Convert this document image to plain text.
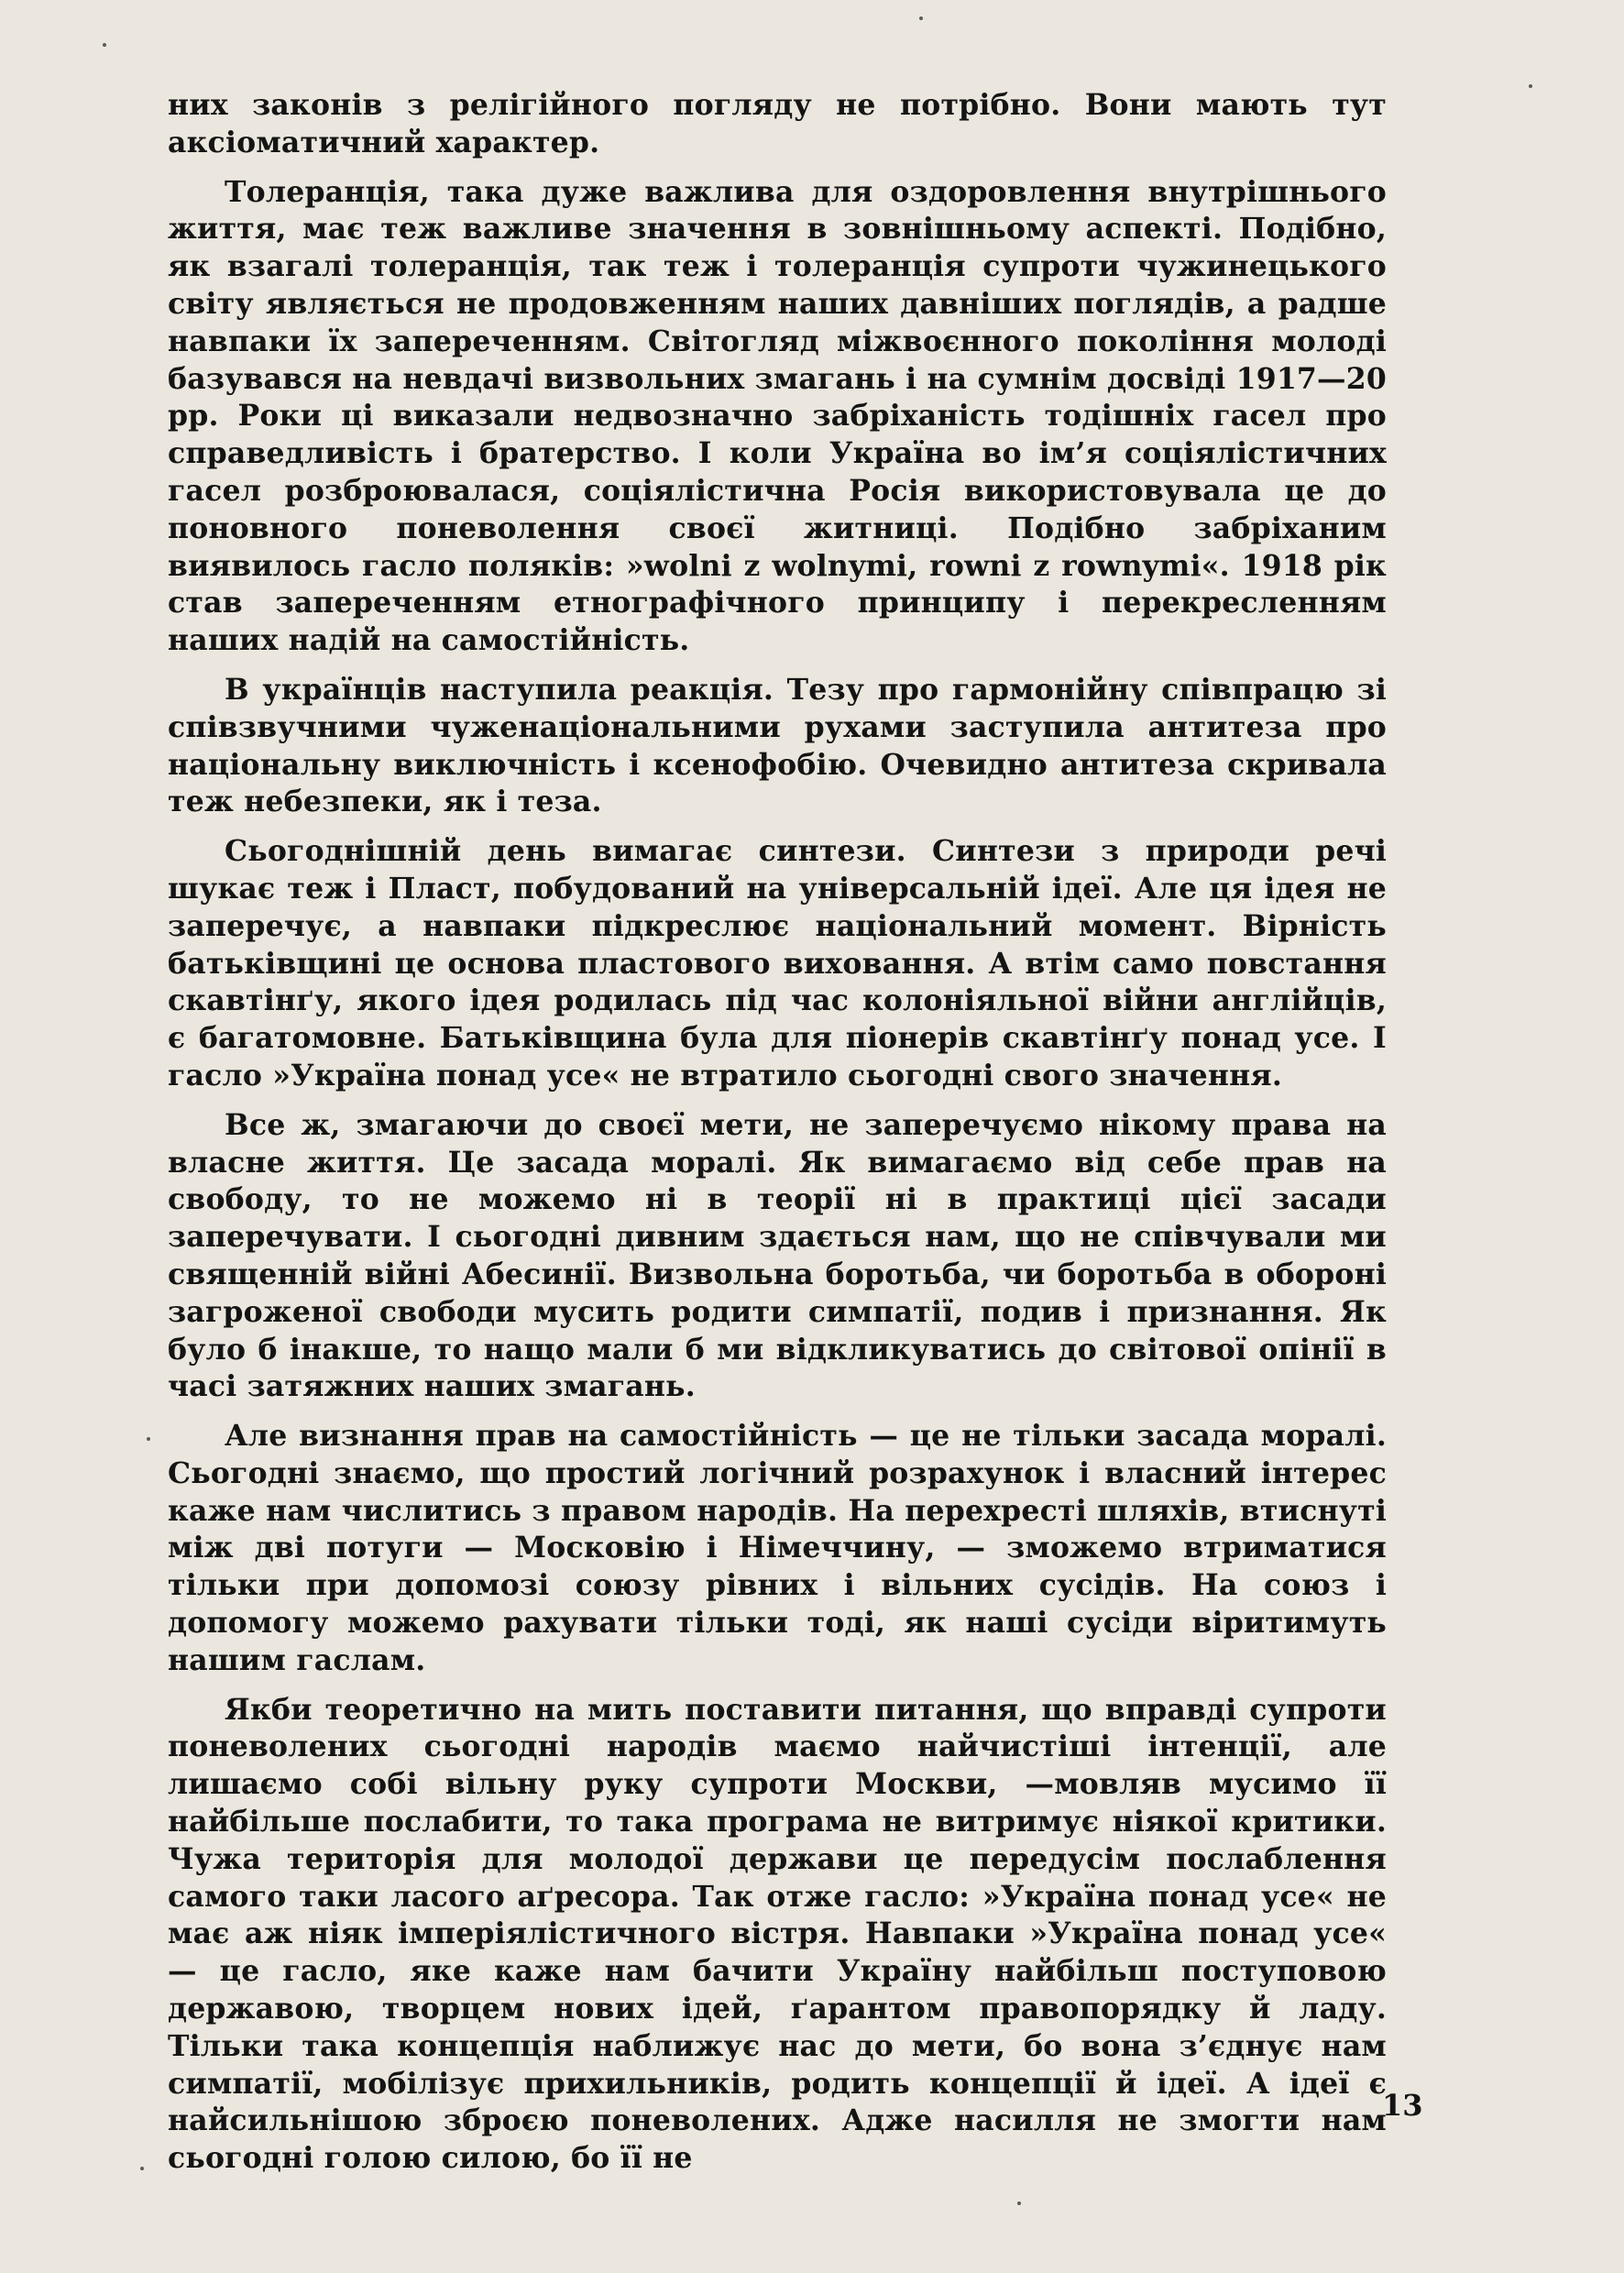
них законів з релігійного погляду не потрібно. Вони мають тут аксіоматичний характер.

Толеранція, така дуже важлива для оздоровлення внутрішнього життя, має теж важливе значення в зовнішньому аспекті. Подібно, як взагалі толеранція, так теж і толеранція супроти чужинецького світу являється не продовженням наших давніших поглядів, а радше навпаки їх запереченням. Світогляд міжвоєнного покоління молоді базувався на невдачі визвольних змагань і на сумнім досвіді 1917—20 рр. Роки ці виказали недвозначно забріханість тодішніх гасел про справедливість і братерство. І коли Україна во ім’я соціялістичних гасел розброювалася, соціялістична Росія використовувала це до поновного поневолення своєї житниці. Подібно забріханим виявилось гасло поляків: »wolni z wolnymi, rowni z rownymi«. 1918 рік став запереченням етнографічного принципу і перекресленням наших надій на самостійність.

В українців наступила реакція. Тезу про гармонійну співпрацю зі співзвучними чуженаціональними рухами заступила антитеза про національну виключність і ксенофобію. Очевидно антитеза скривала теж небезпеки, як і теза.

Сьогоднішній день вимагає синтези. Синтези з природи речі шукає теж і Пласт, побудований на універсальній ідеї. Але ця ідея не заперечує, а навпаки підкреслює національний момент. Вірність батьківщині це основа пластового виховання. А втім само повстання скавтінґу, якого ідея родилась під час колоніяльної війни англійців, є багатомовне. Батьківщина була для піонерів скавтінґу понад усе. І гасло »Україна понад усе« не втратило сьогодні свого значення.

Все ж, змагаючи до своєї мети, не заперечуємо нікому права на власне життя. Це засада моралі. Як вимагаємо від себе прав на свободу, то не можемо ні в теорії ні в практиці цієї засади заперечувати. І сьогодні дивним здається нам, що не співчували ми священній війні Абесинії. Визвольна боротьба, чи боротьба в обороні загроженої свободи мусить родити симпатії, подив і признання. Як було б інакше, то нащо мали б ми відкликуватись до світової опінії в часі затяжних наших змагань.

Але визнання прав на самостійність — це не тільки засада моралі. Сьогодні знаємо, що простий логічний розрахунок і власний інтерес каже нам числитись з правом народів. На перехресті шляхів, втиснуті між дві потуги — Московію і Німеччину, — зможемо втриматися тільки при допомозі союзу рівних і вільних сусідів. На союз і допомогу можемо рахувати тільки тоді, як наші сусіди віритимуть нашим гаслам.

Якби теоретично на мить поставити питання, що вправді супроти поневолених сьогодні народів маємо найчистіші інтенції, але лишаємо собі вільну руку супроти Москви, —мовляв мусимо її найбільше послабити, то така програма не витримує ніякої критики. Чужа територія для молодої держави це передусім послаблення самого таки ласого аґресора. Так отже гасло: »Україна понад усе« не має аж ніяк імперіялістичного вістря. Навпаки »Україна понад усе« — це гасло, яке каже нам бачити Україну найбільш поступовою державою, творцем нових ідей, ґарантом правопорядку й ладу. Тільки така концепція наближує нас до мети, бо вона з’єднує нам симпатії, мобілізує прихильників, родить концепції й ідеї. А ідеї є найсильнішою зброєю поневолених. Адже насилля не змогти нам сьогодні голою силою, бо її не

13
